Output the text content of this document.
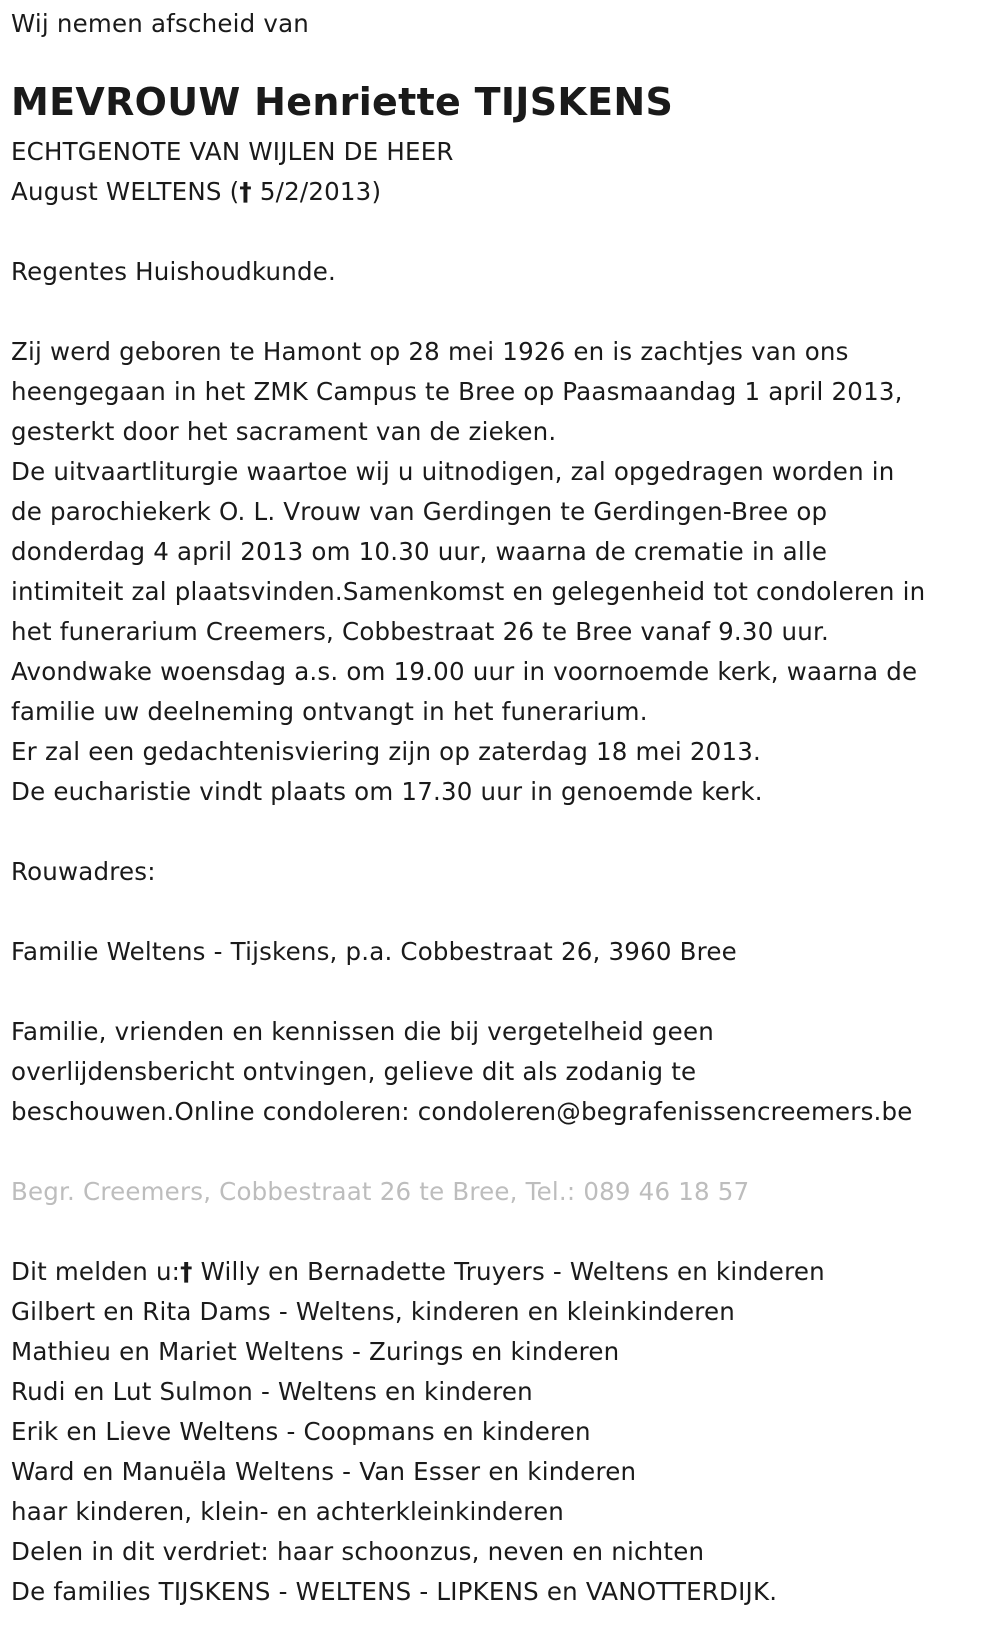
Wij nemen afscheid van
MEVROUW Henriette TIJSKENS
ECHTGENOTE VAN WIJLEN DE HEER
August WELTENS († 5/2/2013)
Regentes Huishoudkunde.
Zij werd geboren te Hamont op 28 mei 1926 en is zachtjes van ons
heengegaan in het ZMK Campus te Bree op Paasmaandag 1 april 2013,
gesterkt door het sacrament van de zieken.
De uitvaartliturgie waartoe wij u uitnodigen, zal opgedragen worden in
de parochiekerk O. L. Vrouw van Gerdingen te Gerdingen-Bree op
donderdag 4 april 2013 om 10.30 uur, waarna de crematie in alle
intimiteit zal plaatsvinden.Samenkomst en gelegenheid tot condoleren in
het funerarium Creemers, Cobbestraat 26 te Bree vanaf 9.30 uur.
Avondwake woensdag a.s. om 19.00 uur in voornoemde kerk, waarna de
familie uw deelneming ontvangt in het funerarium.
Er zal een gedachtenisviering zijn op zaterdag 18 mei 2013.
De eucharistie vindt plaats om 17.30 uur in genoemde kerk.
Rouwadres:
Familie Weltens - Tijskens, p.a. Cobbestraat 26, 3960 Bree
Familie, vrienden en kennissen die bij vergetelheid geen
overlijdensbericht ontvingen, gelieve dit als zodanig te
beschouwen.Online condoleren: condoleren@begrafenissencreemers.be
Begr. Creemers, Cobbestraat 26 te Bree, Tel.: 089 46 18 57
Dit melden u:† Willy en Bernadette Truyers - Weltens en kinderen
Gilbert en Rita Dams - Weltens, kinderen en kleinkinderen
Mathieu en Mariet Weltens - Zurings en kinderen
Rudi en Lut Sulmon - Weltens en kinderen
Erik en Lieve Weltens - Coopmans en kinderen
Ward en Manuëla Weltens - Van Esser en kinderen
haar kinderen, klein- en achterkleinkinderen
Delen in dit verdriet: haar schoonzus, neven en nichten
De families TIJSKENS - WELTENS - LIPKENS en VANOTTERDIJK.
